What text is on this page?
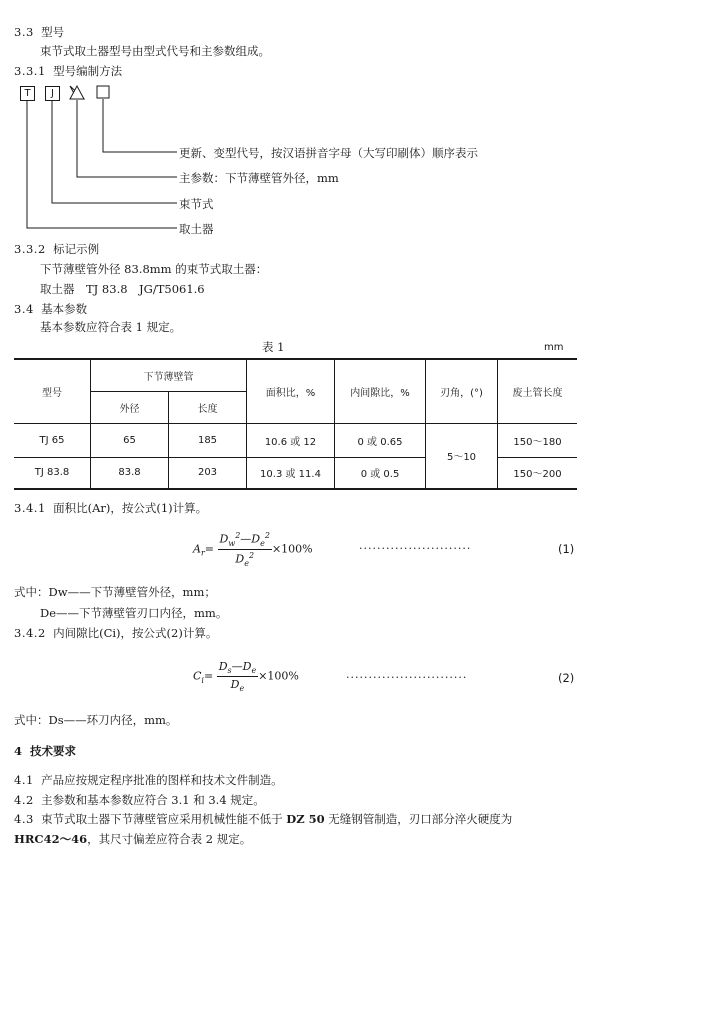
3.3 型号
束节式取土器型号由型式代号和主参数组成。
3.3.1 型号编制方法
T	J
更新、变型代号，按汉语拼音字母（大写印刷体）顺序表示
主参数：下节薄壁管外径，mm
束节式
取土器
3.3.2 标记示例
下节薄壁管外径 83.8mm 的束节式取土器：
取土器　TJ 83.8　JG/T5061.6
3.4 基本参数
基本参数应符合表 1 规定。
表 1	mm
型号	下节薄壁管		面积比，%	内间隙比，%	刃角，(°)	废土管长度
	外径	长度				
TJ 65	65	185	10.6 或 12	0 或 0.65	5～10	150～180
TJ 83.8	83.8	203	10.3 或 11.4	0 或 0.5		150～200
3.4.1 面积比(Ar)，按公式(1)计算。
$A_r= \frac{D_w^2—D_e^2}{D_e^2} \times 100\%$	·························	(1)
式中：Dw——下节薄壁管外径，mm；
De——下节薄壁管刃口内径，mm。
3.4.2 内间隙比(Ci)，按公式(2)计算。
$C_i= \frac{D_s—D_e}{D_e} \times 100\%$	···························	(2)
式中：Ds——环刀内径，mm。
4 技术要求
4.1 产品应按规定程序批准的图样和技术文件制造。
4.2 主参数和基本参数应符合 3.1 和 3.4 规定。
4.3 束节式取土器下节薄壁管应采用机械性能不低于 DZ 50 无缝钢管制造，刃口部分淬火硬度为
HRC42～46，其尺寸偏差应符合表 2 规定。
